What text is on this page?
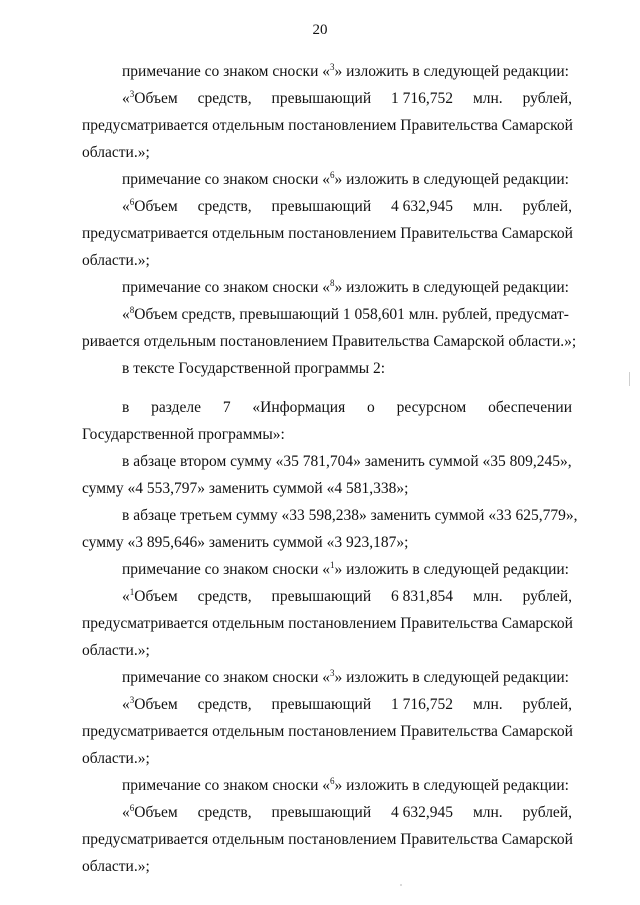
20
примечание со знаком сноски «$^3$» изложить в следующей редакции:
«$^3$Объем средств, превышающий 1 716,752 млн. рублей,
предусматривается отдельным постановлением Правительства Самарской
области.»;
примечание со знаком сноски «$^6$» изложить в следующей редакции:
«$^6$Объем средств, превышающий 4 632,945 млн. рублей,
предусматривается отдельным постановлением Правительства Самарской
области.»;
примечание со знаком сноски «$^8$» изложить в следующей редакции:
«$^8$Объем средств, превышающий 1 058,601 млн. рублей, предусмат-
ривается отдельным постановлением Правительства Самарской области.»;
в тексте Государственной программы 2:
в разделе 7 «Информация о ресурсном обеспечении
Государственной программы»:
в абзаце втором сумму «35 781,704» заменить суммой «35 809,245»,
сумму «4 553,797» заменить суммой «4 581,338»;
в абзаце третьем сумму «33 598,238» заменить суммой «33 625,779»,
сумму «3 895,646» заменить суммой «3 923,187»;
примечание со знаком сноски «$^1$» изложить в следующей редакции:
«$^1$Объем средств, превышающий 6 831,854 млн. рублей,
предусматривается отдельным постановлением Правительства Самарской
области.»;
примечание со знаком сноски «$^3$» изложить в следующей редакции:
«$^3$Объем средств, превышающий 1 716,752 млн. рублей,
предусматривается отдельным постановлением Правительства Самарской
области.»;
примечание со знаком сноски «$^6$» изложить в следующей редакции:
«$^6$Объем средств, превышающий 4 632,945 млн. рублей,
предусматривается отдельным постановлением Правительства Самарской
области.»;
